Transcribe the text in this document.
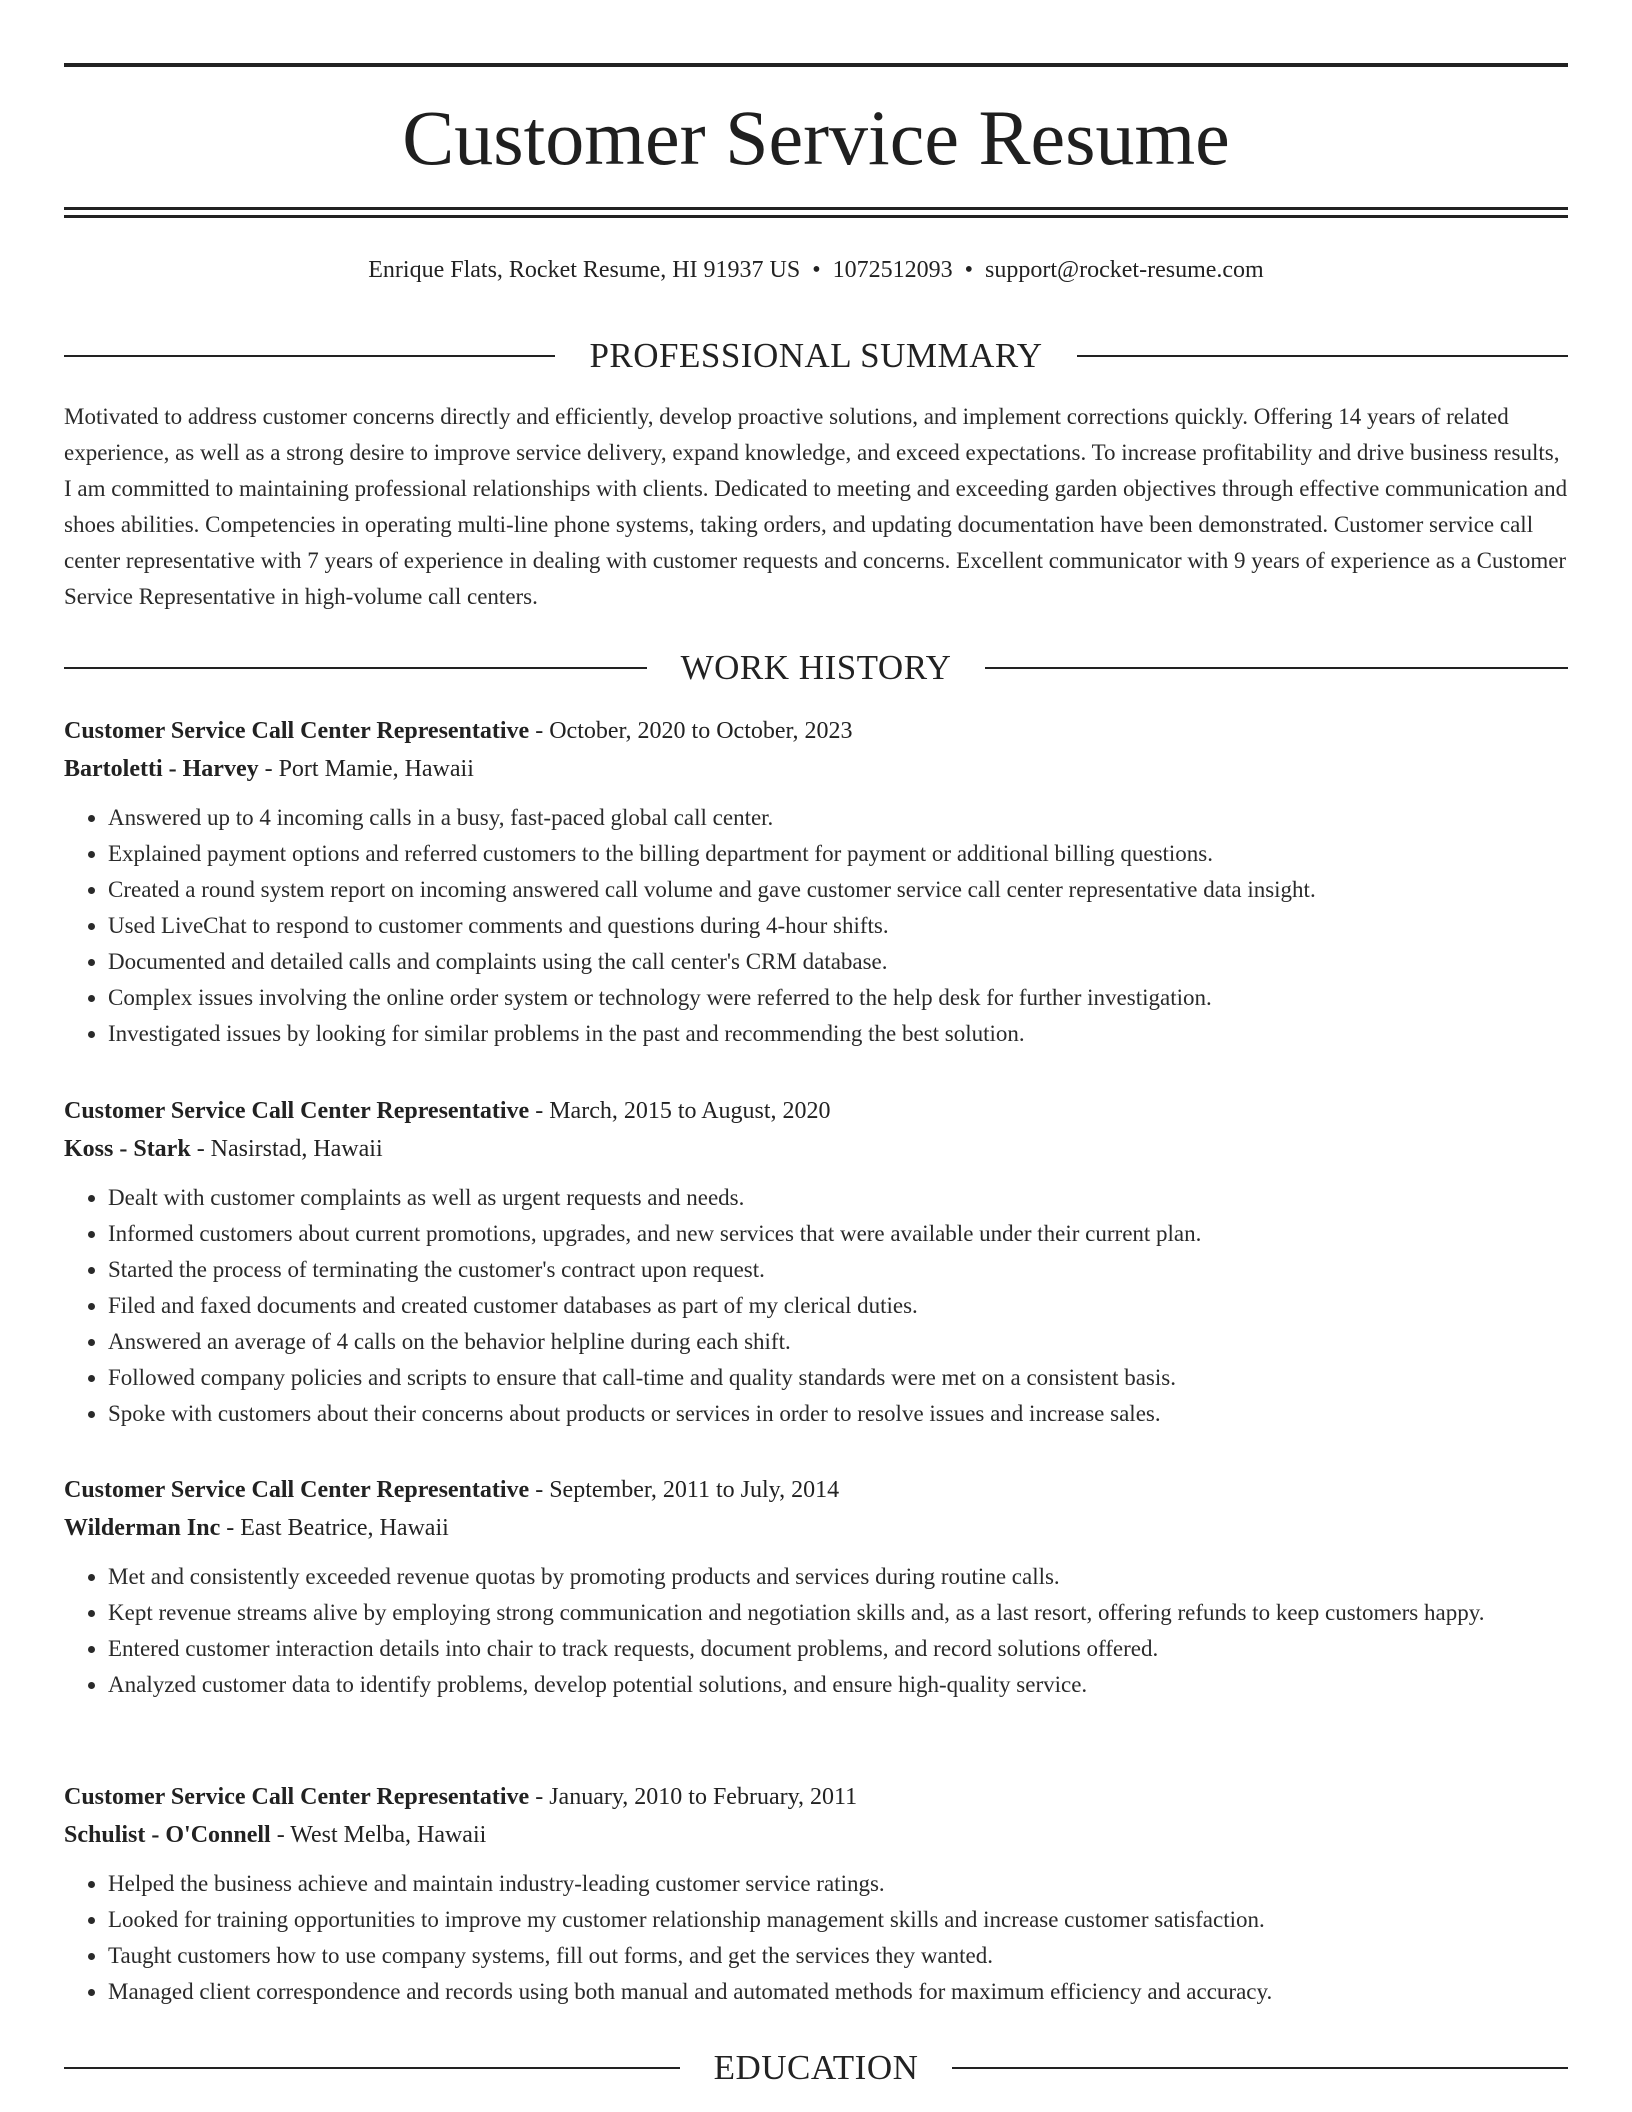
Customer Service Resume
Enrique Flats, Rocket Resume, HI 91937 US • 1072512093 • support@rocket-resume.com
PROFESSIONAL SUMMARY

Motivated to address customer concerns directly and efficiently, develop proactive solutions, and implement corrections quickly. Offering 14 years of related experience, as well as a strong desire to improve service delivery, expand knowledge, and exceed expectations. To increase profitability and drive business results, I am committed to maintaining professional relationships with clients. Dedicated to meeting and exceeding garden objectives through effective communication and shoes abilities. Competencies in operating multi-line phone systems, taking orders, and updating documentation have been demonstrated. Customer service call center representative with 7 years of experience in dealing with customer requests and concerns. Excellent communicator with 9 years of experience as a Customer Service Representative in high-volume call centers.

WORK HISTORY
Customer Service Call Center Representative - October, 2020 to October, 2023
Bartoletti - Harvey - Port Mamie, Hawaii
• Answered up to 4 incoming calls in a busy, fast-paced global call center.
• Explained payment options and referred customers to the billing department for payment or additional billing questions.
• Created a round system report on incoming answered call volume and gave customer service call center representative data insight.
• Used LiveChat to respond to customer comments and questions during 4-hour shifts.
• Documented and detailed calls and complaints using the call center's CRM database.
• Complex issues involving the online order system or technology were referred to the help desk for further investigation.
• Investigated issues by looking for similar problems in the past and recommending the best solution.
Customer Service Call Center Representative - March, 2015 to August, 2020
Koss - Stark - Nasirstad, Hawaii
• Dealt with customer complaints as well as urgent requests and needs.
• Informed customers about current promotions, upgrades, and new services that were available under their current plan.
• Started the process of terminating the customer's contract upon request.
• Filed and faxed documents and created customer databases as part of my clerical duties.
• Answered an average of 4 calls on the behavior helpline during each shift.
• Followed company policies and scripts to ensure that call-time and quality standards were met on a consistent basis.
• Spoke with customers about their concerns about products or services in order to resolve issues and increase sales.
Customer Service Call Center Representative - September, 2011 to July, 2014
Wilderman Inc - East Beatrice, Hawaii
• Met and consistently exceeded revenue quotas by promoting products and services during routine calls.
• Kept revenue streams alive by employing strong communication and negotiation skills and, as a last resort, offering refunds to keep customers happy.
• Entered customer interaction details into chair to track requests, document problems, and record solutions offered.
• Analyzed customer data to identify problems, develop potential solutions, and ensure high-quality service.
Customer Service Call Center Representative - January, 2010 to February, 2011
Schulist - O'Connell - West Melba, Hawaii
• Helped the business achieve and maintain industry-leading customer service ratings.
• Looked for training opportunities to improve my customer relationship management skills and increase customer satisfaction.
• Taught customers how to use company systems, fill out forms, and get the services they wanted.
• Managed client correspondence and records using both manual and automated methods for maximum efficiency and accuracy.
EDUCATION
